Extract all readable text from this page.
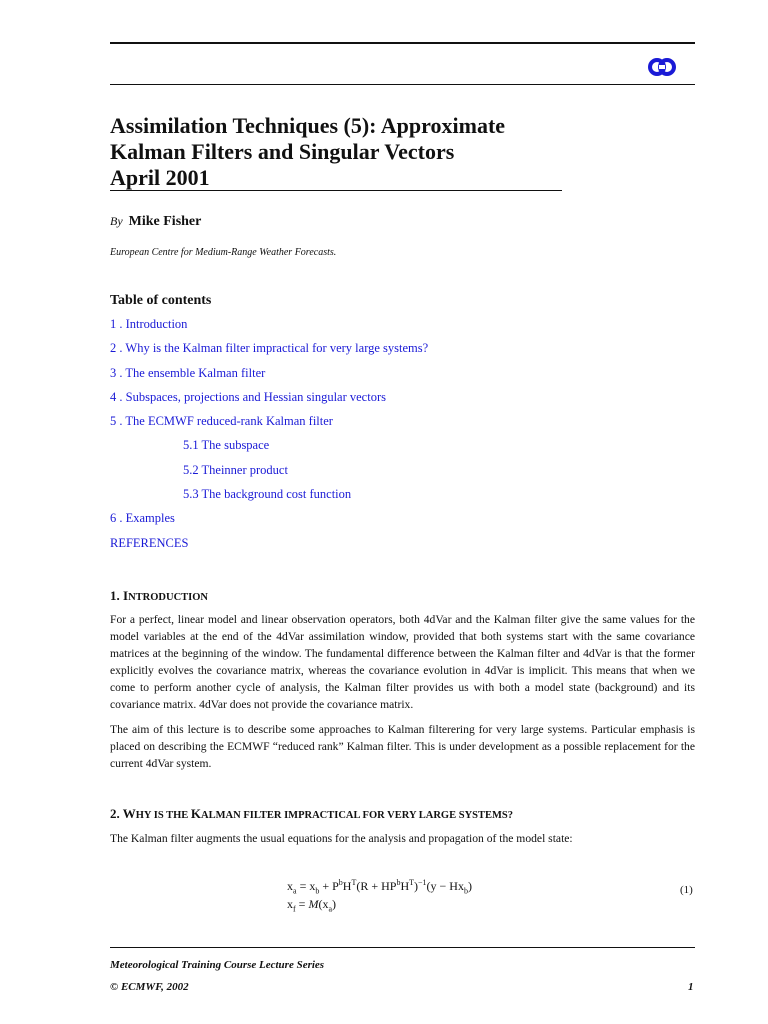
Assimilation Techniques (5): Approximate
Kalman Filters and Singular Vectors
April 2001
By Mike Fisher
European Centre for Medium-Range Weather Forecasts.
Table of contents
1 . Introduction
2 . Why is the Kalman filter impractical for very large systems?
3 . The ensemble Kalman filter
4 . Subspaces, projections and Hessian singular vectors
5 . The ECMWF reduced-rank Kalman filter
5.1 The subspace
5.2 Theinner product
5.3 The background cost function
6 . Examples
REFERENCES
1. INTRODUCTION
For a perfect, linear model and linear observation operators, both 4dVar and the Kalman filter give the same values for the model variables at the end of the 4dVar assimilation window, provided that both systems start with the same covariance matrices at the beginning of the window. The fundamental difference between the Kalman filter and 4dVar is that the former explicitly evolves the covariance matrix, whereas the covariance evolution in 4dVar is implicit. This means that when we come to perform another cycle of analysis, the Kalman filter provides us with both a model state (background) and its covariance matrix. 4dVar does not provide the covariance matrix.
The aim of this lecture is to describe some approaches to Kalman filterering for very large systems. Particular emphasis is placed on describing the ECMWF “reduced rank” Kalman filter. This is under development as a possible replacement for the current 4dVar system.
2. WHY IS THE KALMAN FILTER IMPRACTICAL FOR VERY LARGE SYSTEMS?
The Kalman filter augments the usual equations for the analysis and propagation of the model state:
$x_a = x_b + P^bH^T(R + HP^bH^T)^{-1}(y - Hx_b)$
$x_f = M(x_a)$
(1)
Meteorological Training Course Lecture Series
© ECMWF, 2002	1
